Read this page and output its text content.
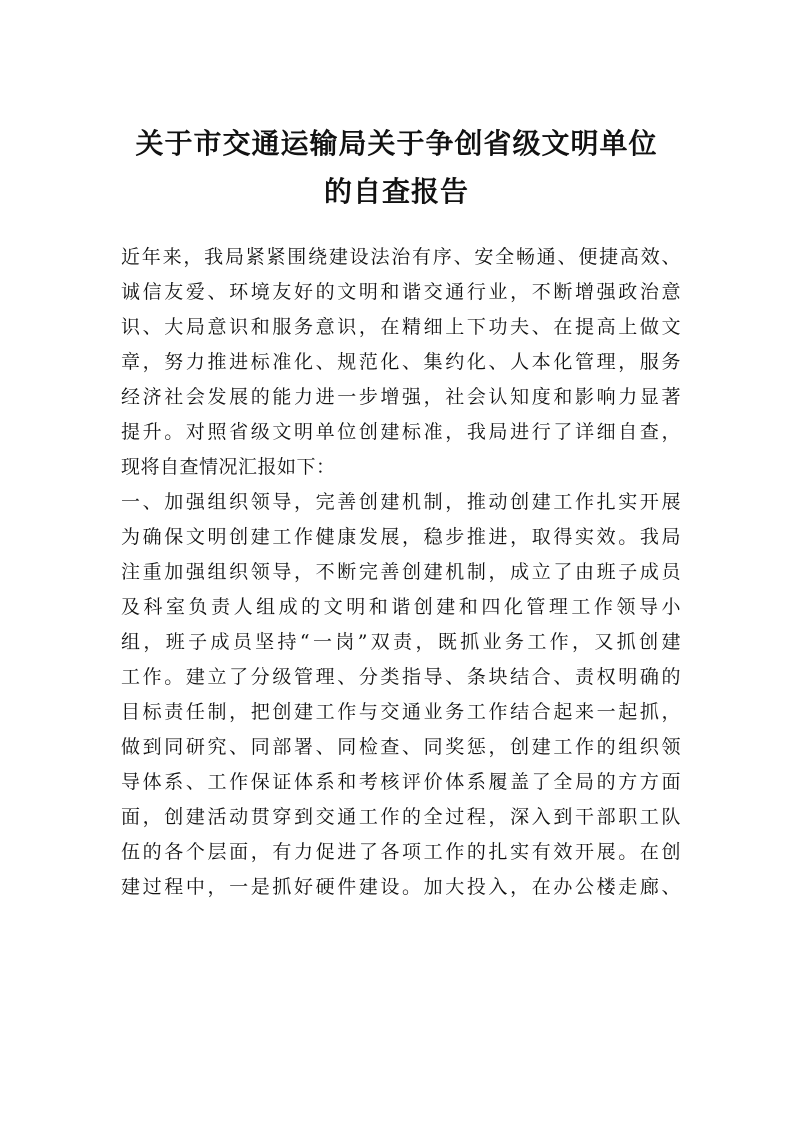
关于市交通运输局关于争创省级文明单位
的自查报告
近年来，我局紧紧围绕建设法治有序、安全畅通、便捷高效、
诚信友爱、环境友好的文明和谐交通行业，不断增强政治意
识、大局意识和服务意识，在精细上下功夫、在提高上做文
章，努力推进标准化、规范化、集约化、人本化管理，服务
经济社会发展的能力进一步增强，社会认知度和影响力显著
提升。对照省级文明单位创建标准，我局进行了详细自查，
现将自查情况汇报如下：
一、加强组织领导，完善创建机制，推动创建工作扎实开展
为确保文明创建工作健康发展，稳步推进，取得实效。我局
注重加强组织领导，不断完善创建机制，成立了由班子成员
及科室负责人组成的文明和谐创建和四化管理工作领导小
组，班子成员坚持“一岗”双责，既抓业务工作，又抓创建
工作。建立了分级管理、分类指导、条块结合、责权明确的
目标责任制，把创建工作与交通业务工作结合起来一起抓，
做到同研究、同部署、同检查、同奖惩，创建工作的组织领
导体系、工作保证体系和考核评价体系履盖了全局的方方面
面，创建活动贯穿到交通工作的全过程，深入到干部职工队
伍的各个层面，有力促进了各项工作的扎实有效开展。在创
建过程中，一是抓好硬件建设。加大投入，在办公楼走廊、
